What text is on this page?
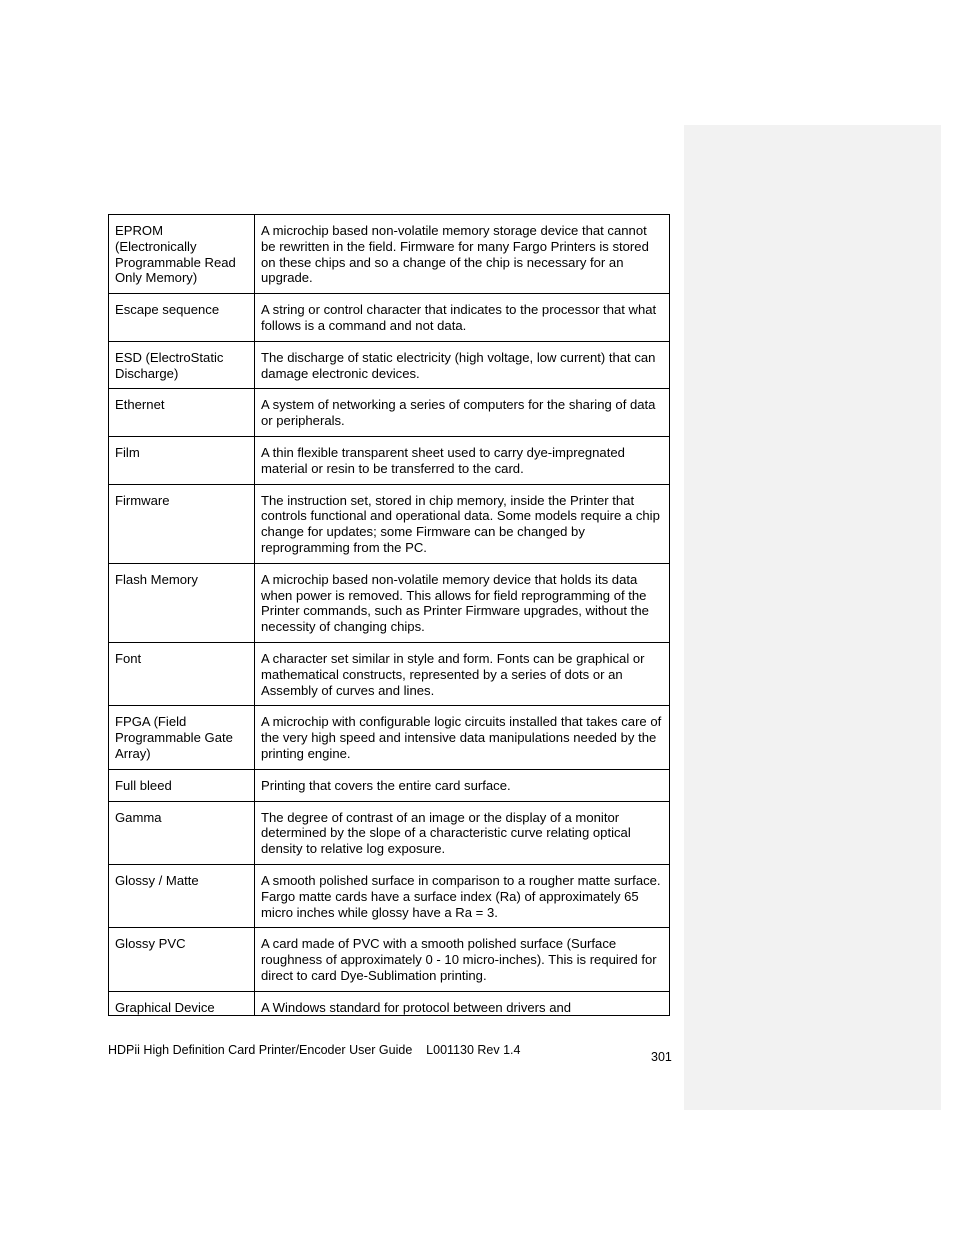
EPROM (Electronically Programmable Read Only Memory)	A microchip based non-volatile memory storage device that cannot be rewritten in the field. Firmware for many Fargo Printers is stored on these chips and so a change of the chip is necessary for an upgrade.
Escape sequence	A string or control character that indicates to the processor that what follows is a command and not data.
ESD (ElectroStatic Discharge)	The discharge of static electricity (high voltage, low current) that can damage electronic devices.
Ethernet	A system of networking a series of computers for the sharing of data or peripherals.
Film	A thin flexible transparent sheet used to carry dye-impregnated material or resin to be transferred to the card.
Firmware	The instruction set, stored in chip memory, inside the Printer that controls functional and operational data. Some models require a chip change for updates; some Firmware can be changed by reprogramming from the PC.
Flash Memory	A microchip based non-volatile memory device that holds its data when power is removed. This allows for field reprogramming of the Printer commands, such as Printer Firmware upgrades, without the necessity of changing chips.
Font	A character set similar in style and form. Fonts can be graphical or mathematical constructs, represented by a series of dots or an Assembly of curves and lines.
FPGA (Field Programmable Gate Array)	A microchip with configurable logic circuits installed that takes care of the very high speed and intensive data manipulations needed by the printing engine.
Full bleed	Printing that covers the entire card surface.
Gamma	The degree of contrast of an image or the display of a monitor determined by the slope of a characteristic curve relating optical density to relative log exposure.
Glossy / Matte	A smooth polished surface in comparison to a rougher matte surface. Fargo matte cards have a surface index (Ra) of approximately 65 micro inches while glossy have a Ra = 3.
Glossy PVC	A card made of PVC with a smooth polished surface (Surface roughness of approximately 0 - 10 micro-inches). This is required for direct to card Dye-Sublimation printing.
Graphical Device	A Windows standard for protocol between drivers and
HDPii High Definition Card Printer/Encoder User Guide    L001130 Rev 1.4	301
